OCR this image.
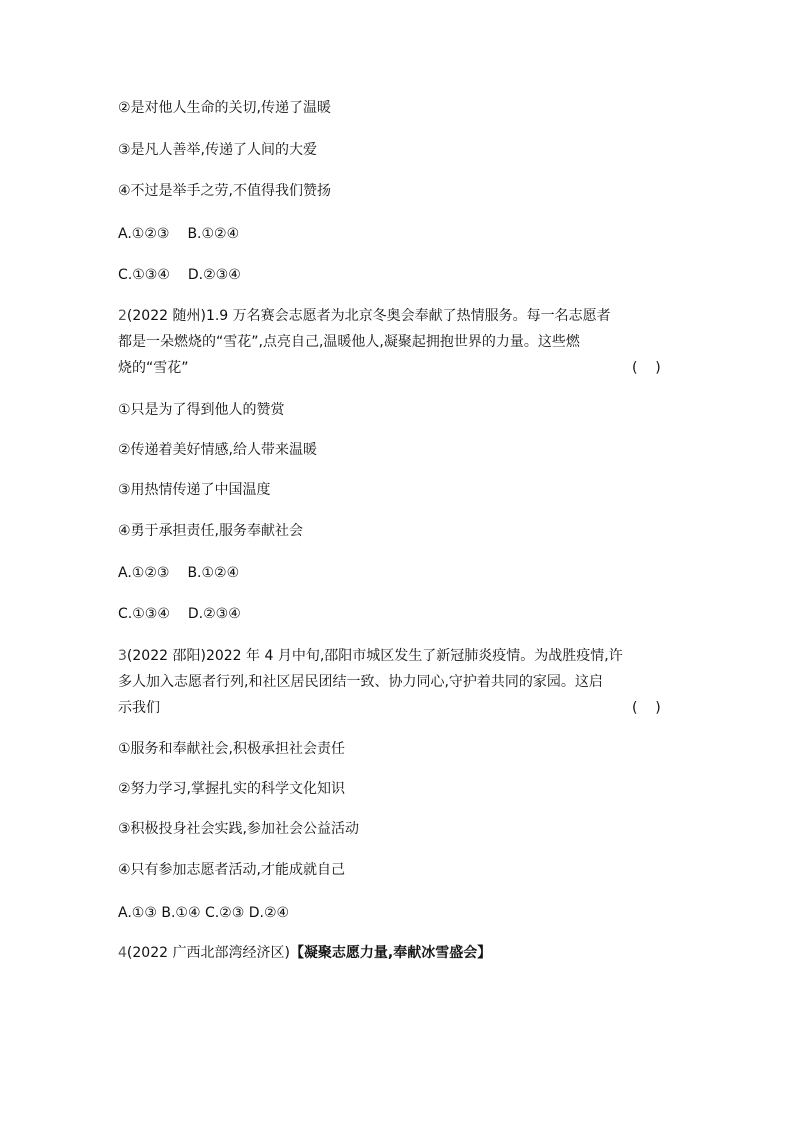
②是对他人生命的关切,传递了温暖
③是凡人善举,传递了人间的大爱
④不过是举手之劳,不值得我们赞扬
A.①②③ B.①②④
C.①③④ D.②③④
2(2022 随州)1.9 万名赛会志愿者为北京冬奥会奉献了热情服务。每一名志愿者
都是一朵燃烧的“雪花”,点亮自己,温暖他人,凝聚起拥抱世界的力量。这些燃
烧的“雪花”	(    )
①只是为了得到他人的赞赏
②传递着美好情感,给人带来温暖
③用热情传递了中国温度
④勇于承担责任,服务奉献社会
A.①②③ B.①②④
C.①③④ D.②③④
3(2022 邵阳)2022 年 4 月中旬,邵阳市城区发生了新冠肺炎疫情。为战胜疫情,许
多人加入志愿者行列,和社区居民团结一致、协力同心,守护着共同的家园。这启
示我们	(    )
①服务和奉献社会,积极承担社会责任
②努力学习,掌握扎实的科学文化知识
③积极投身社会实践,参加社会公益活动
④只有参加志愿者活动,才能成就自己
A.①③ B.①④ C.②③ D.②④
4(2022 广西北部湾经济区)【凝聚志愿力量,奉献冰雪盛会】
